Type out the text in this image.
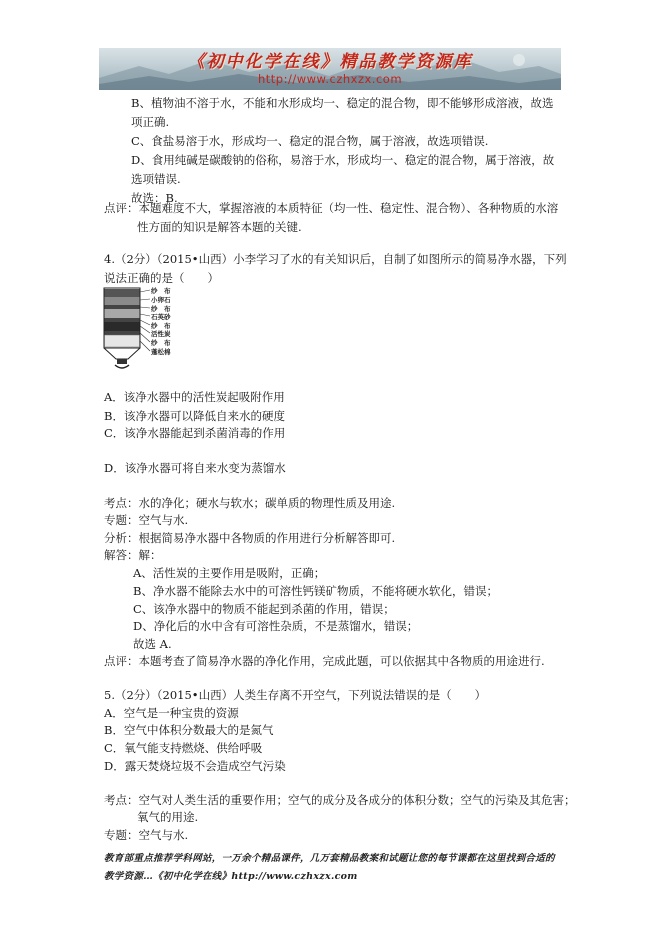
《初中化学在线》精品教学资源库
http://www.czhxzx.com
B、植物油不溶于水，不能和水形成均一、稳定的混合物，即不能够形成溶液，故选
项正确.
C、食盐易溶于水，形成均一、稳定的混合物，属于溶液，故选项错误.
D、食用纯碱是碳酸钠的俗称，易溶于水，形成均一、稳定的混合物，属于溶液，故
选项错误.
故选：B.
点评：本题难度不大，掌握溶液的本质特征（均一性、稳定性、混合物）、各种物质的水溶
性方面的知识是解答本题的关键.
4.（2分）（2015•山西）小李学习了水的有关知识后，自制了如图所示的简易净水器，下列
说法正确的是（　　）
纱　布
小卵石
纱　布
石英砂
纱　布
活性炭
纱　布
蓬松棉
A．该净水器中的活性炭起吸附作用
B．该净水器可以降低自来水的硬度
C．该净水器能起到杀菌消毒的作用
D．该净水器可将自来水变为蒸馏水
考点：水的净化；硬水与软水；碳单质的物理性质及用途.
专题：空气与水.
分析：根据简易净水器中各物质的作用进行分析解答即可.
解答：解：
A、活性炭的主要作用是吸附，正确；
B、净水器不能除去水中的可溶性钙镁矿物质，不能将硬水软化，错误；
C、该净水器中的物质不能起到杀菌的作用，错误；
D、净化后的水中含有可溶性杂质，不是蒸馏水，错误；
故选 A.
点评：本题考查了简易净水器的净化作用，完成此题，可以依据其中各物质的用途进行.
5.（2分）（2015•山西）人类生存离不开空气，下列说法错误的是（　　）
A．空气是一种宝贵的资源
B．空气中体积分数最大的是氮气
C．氧气能支持燃烧、供给呼吸
D．露天焚烧垃圾不会造成空气污染
考点：空气对人类生活的重要作用；空气的成分及各成分的体积分数；空气的污染及其危害；
氧气的用途.
专题：空气与水.
教育部重点推荐学科网站，一万余个精品课件，几万套精品教案和试题让您的每节课都在这里找到合适的
教学资源…《初中化学在线》http://www.czhxzx.com
